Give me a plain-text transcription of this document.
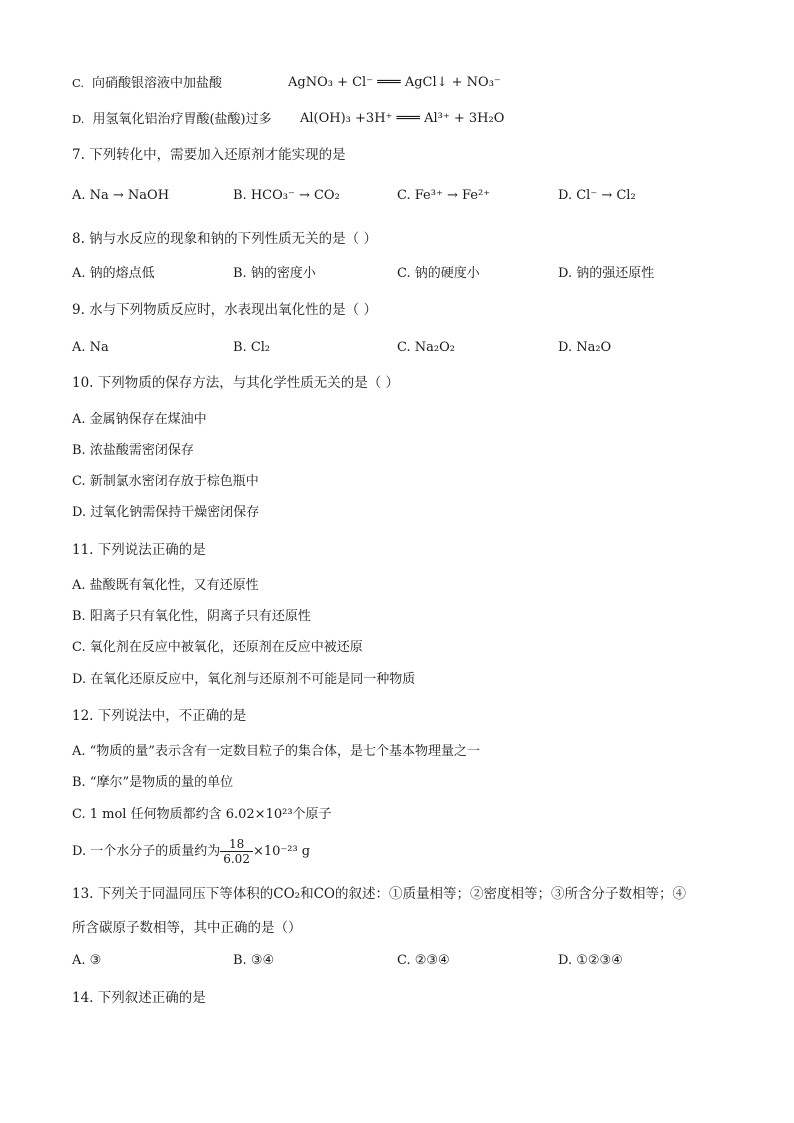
C. 向硝酸银溶液中加盐酸	AgNO₃ + Cl⁻ ═══ AgCl↓ + NO₃⁻
D. 用氢氧化铝治疗胃酸(盐酸)过多 Al(OH)₃ +3H⁺ ═══ Al³⁺ + 3H₂O
7. 下列转化中，需要加入还原剂才能实现的是
A. Na → NaOH	B. HCO₃⁻ → CO₂	C. Fe³⁺ → Fe²⁺	D. Cl⁻ → Cl₂
8. 钠与水反应的现象和钠的下列性质无关的是（ ）
A. 钠的熔点低	B. 钠的密度小	C. 钠的硬度小	D. 钠的强还原性
9. 水与下列物质反应时，水表现出氧化性的是（ ）
A. Na	B. Cl₂	C. Na₂O₂	D. Na₂O
10. 下列物质的保存方法，与其化学性质无关的是（ ）
A. 金属钠保存在煤油中
B. 浓盐酸需密闭保存
C. 新制氯水密闭存放于棕色瓶中
D. 过氧化钠需保持干燥密闭保存
11. 下列说法正确的是
A. 盐酸既有氧化性，又有还原性
B. 阳离子只有氧化性，阴离子只有还原性
C. 氧化剂在反应中被氧化，还原剂在反应中被还原
D. 在氧化还原反应中，氧化剂与还原剂不可能是同一种物质
12. 下列说法中，不正确的是
A. “物质的量”表示含有一定数目粒子的集合体，是七个基本物理量之一
B. “摩尔”是物质的量的单位
C. 1 mol 任何物质都约含 6.02×10²³个原子
D. 一个水分子的质量约为 $\frac{18}{6.02} \times 10^{-23}$ g
13. 下列关于同温同压下等体积的CO₂和CO的叙述：①质量相等；②密度相等；③所含分子数相等；④
所含碳原子数相等，其中正确的是（）
A. ③	B. ③④	C. ②③④	D. ①②③④
14. 下列叙述正确的是
